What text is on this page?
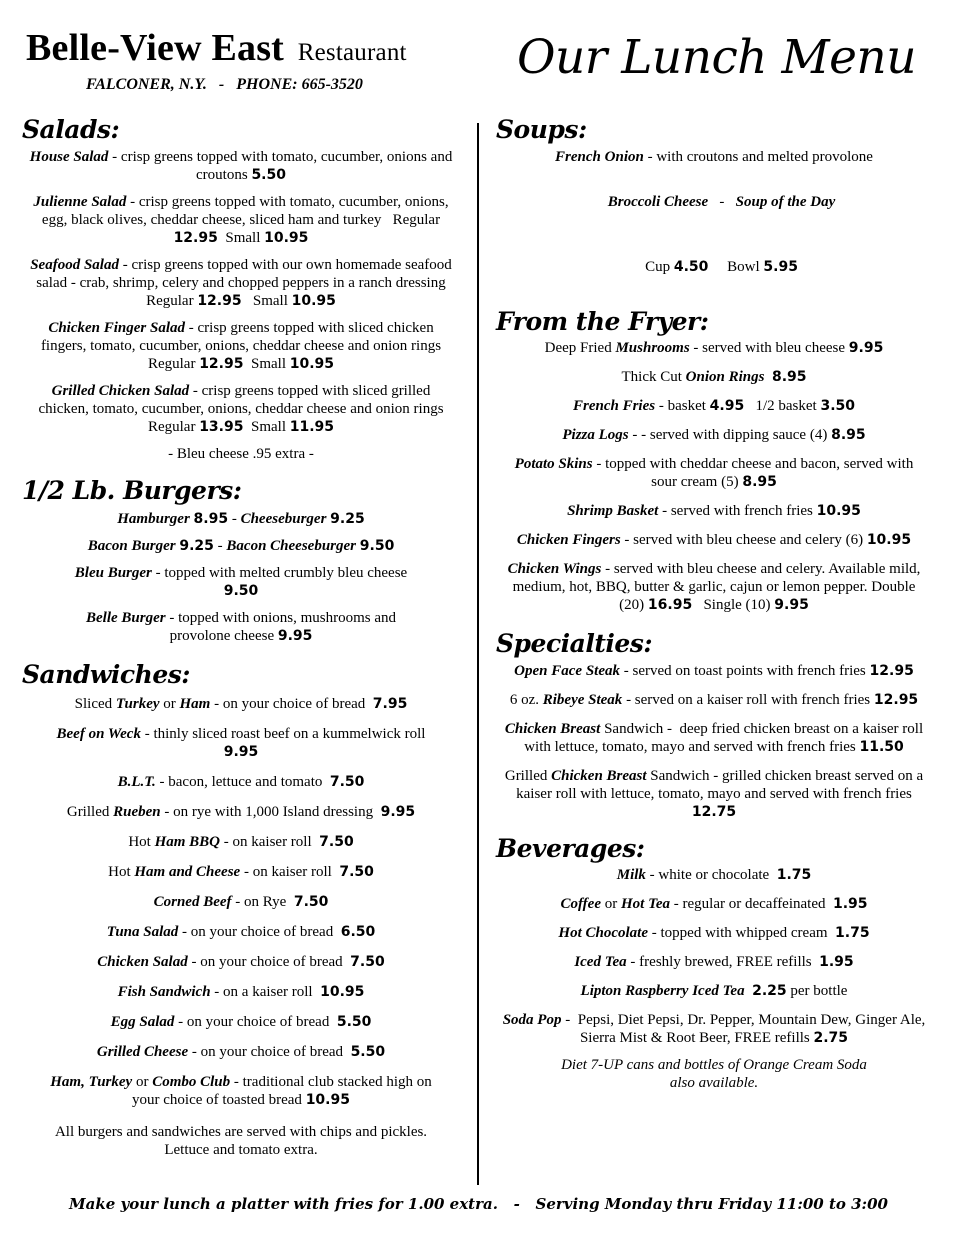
Belle-View East Restaurant
FALCONER, N.Y.   -   PHONE: 665-3520	Our Lunch Menu
Salads:
House Salad - crisp greens topped with tomato, cucumber, onions and croutons 5.50
Julienne Salad - crisp greens topped with tomato, cucumber, onions, egg, black olives, cheddar cheese, sliced ham and turkey   Regular 12.95  Small 10.95
Seafood Salad - crisp greens topped with our own homemade seafood salad - crab, shrimp, celery and chopped peppers in a ranch dressing Regular 12.95   Small 10.95
Chicken Finger Salad - crisp greens topped with sliced chicken fingers, tomato, cucumber, onions, cheddar cheese and onion rings    Regular 12.95  Small 10.95
Grilled Chicken Salad - crisp greens topped with sliced grilled chicken, tomato, cucumber, onions, cheddar cheese and onion rings    Regular 13.95  Small 11.95
- Bleu cheese .95 extra -
1/2 Lb. Burgers:
Hamburger 8.95 - Cheeseburger 9.25
Bacon Burger 9.25 - Bacon Cheeseburger 9.50
Bleu Burger - topped with melted crumbly bleu cheese 9.50
Belle Burger - topped with onions, mushrooms and provolone cheese 9.95
Sandwiches:
Sliced Turkey or Ham - on your choice of bread  7.95
Beef on Weck - thinly sliced roast beef on a kummelwick roll 9.95
B.L.T. - bacon, lettuce and tomato  7.50
Grilled Rueben - on rye with 1,000 Island dressing  9.95
Hot Ham BBQ - on kaiser roll  7.50
Hot Ham and Cheese - on kaiser roll  7.50
Corned Beef - on Rye  7.50
Tuna Salad - on your choice of bread  6.50
Chicken Salad - on your choice of bread  7.50
Fish Sandwich - on a kaiser roll  10.95
Egg Salad - on your choice of bread  5.50
Grilled Cheese - on your choice of bread  5.50
Ham, Turkey or Combo Club - traditional club stacked high on your choice of toasted bread 10.95
All burgers and sandwiches are served with chips and pickles. Lettuce and tomato extra.
Soups:
French Onion - with croutons and melted provolone

Broccoli Cheese   -   Soup of the Day

Cup 4.50 Bowl 5.95

From the Fryer:
Deep Fried Mushrooms - served with bleu cheese 9.95
Thick Cut Onion Rings 8.95
French Fries - basket 4.95   1/2 basket 3.50
Pizza Logs - - served with dipping sauce (4) 8.95
Potato Skins - topped with cheddar cheese and bacon, served with sour cream (5) 8.95
Shrimp Basket - served with french fries 10.95
Chicken Fingers - served with bleu cheese and celery (6) 10.95
Chicken Wings - served with bleu cheese and celery. Available mild, medium, hot, BBQ, butter & garlic, cajun or lemon pepper. Double (20) 16.95   Single (10) 9.95
Specialties:
Open Face Steak - served on toast points with french fries 12.95
6 oz. Ribeye Steak - served on a kaiser roll with french fries 12.95
Chicken Breast Sandwich -  deep fried chicken breast on a kaiser roll with lettuce, tomato, mayo and served with french fries 11.50
Grilled Chicken Breast Sandwich - grilled chicken breast served on a kaiser roll with lettuce, tomato, mayo and served with french fries 12.75
Beverages:
Milk - white or chocolate  1.75
Coffee or Hot Tea - regular or decaffeinated  1.95
Hot Chocolate - topped with whipped cream  1.75
Iced Tea - freshly brewed, FREE refills  1.95
Lipton Raspberry Iced Tea 2.25 per bottle
Soda Pop -  Pepsi, Diet Pepsi, Dr. Pepper, Mountain Dew, Ginger Ale, Sierra Mist & Root Beer, FREE refills 2.75
Diet 7-UP cans and bottles of Orange Cream Soda also available.
Make your lunch a platter with fries for 1.00 extra.   -   Serving Monday thru Friday 11:00 to 3:00
